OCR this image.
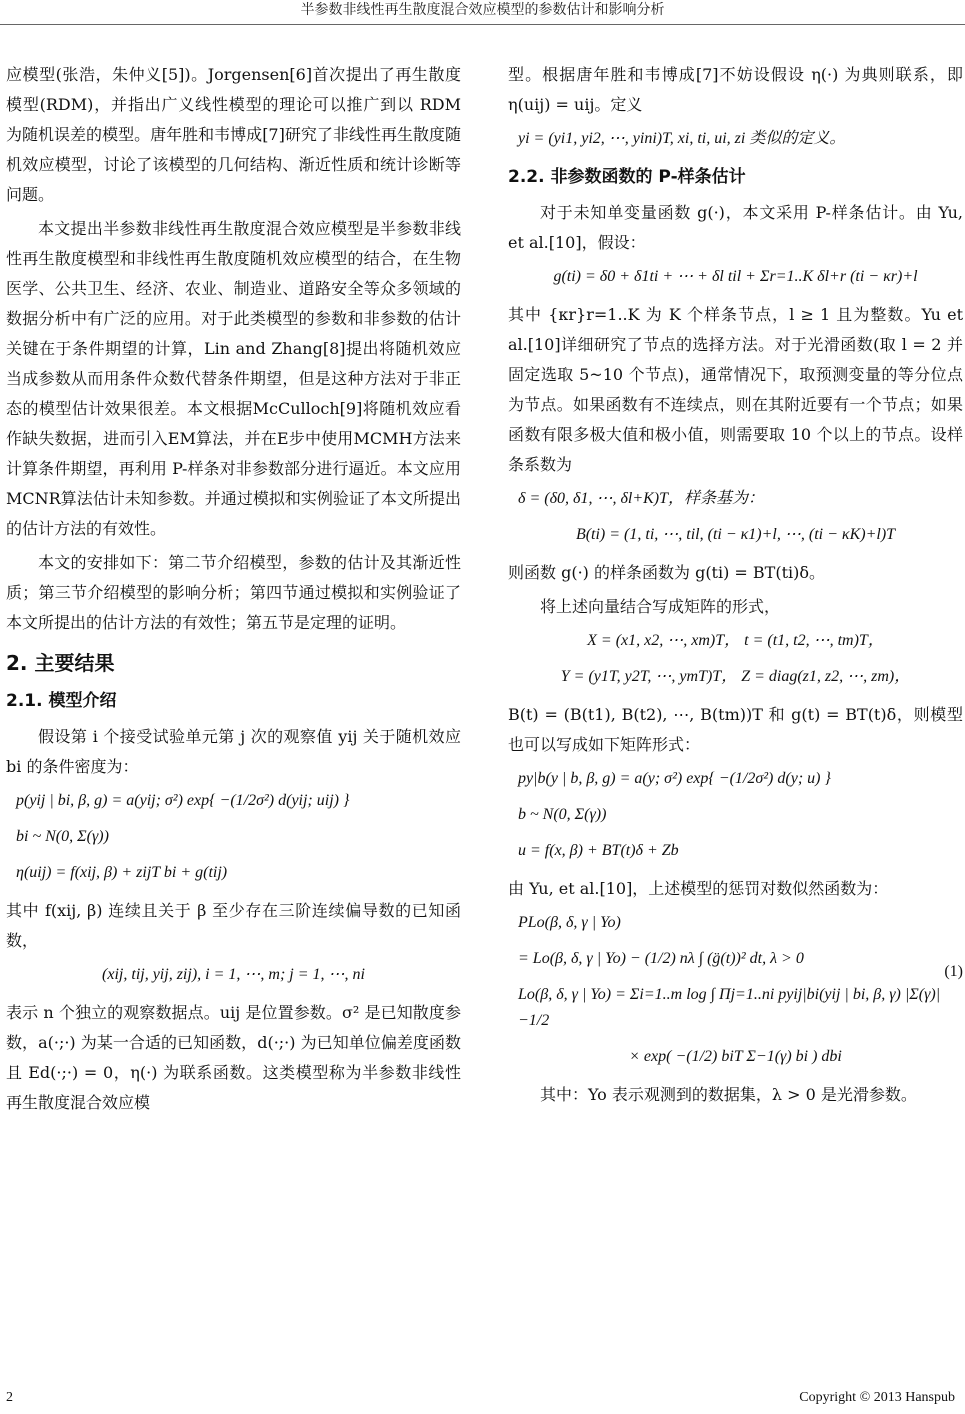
半参数非线性再生散度混合效应模型的参数估计和影响分析

应模型(张浩，朱仲义[5])。Jorgensen[6]首次提出了再生散度模型(RDM)，并指出广义线性模型的理论可以推广到以 RDM 为随机误差的模型。唐年胜和韦博成[7]研究了非线性再生散度随机效应模型，讨论了该模型的几何结构、渐近性质和统计诊断等问题。

本文提出半参数非线性再生散度混合效应模型是半参数非线性再生散度模型和非线性再生散度随机效应模型的结合，在生物医学、公共卫生、经济、农业、制造业、道路安全等众多领域的数据分析中有广泛的应用。对于此类模型的参数和非参数的估计关键在于条件期望的计算，Lin and Zhang[8]提出将随机效应当成参数从而用条件众数代替条件期望，但是这种方法对于非正态的模型估计效果很差。本文根据McCulloch[9]将随机效应看作缺失数据，进而引入EM算法，并在E步中使用MCMH方法来计算条件期望，再利用 P-样条对非参数部分进行逼近。本文应用MCNR算法估计未知参数。并通过模拟和实例验证了本文所提出的估计方法的有效性。

本文的安排如下：第二节介绍模型，参数的估计及其渐近性质；第三节介绍模型的影响分析；第四节通过模拟和实例验证了本文所提出的估计方法的有效性；第五节是定理的证明。

2. 主要结果
2.1. 模型介绍

假设第 i 个接受试验单元第 j 次的观察值 yij 关于随机效应 bi 的条件密度为：

p(yij | bi, β, g) = a(yij; σ²) exp{ −(1/2σ²) d(yij; uij) }
bi ~ N(0, Σ(γ))
η(uij) = f(xij, β) + zijT bi + g(tij)

其中 f(xij, β) 连续且关于 β 至少存在三阶连续偏导数的已知函数，

(xij, tij, yij, zij), i = 1, ⋯, m; j = 1, ⋯, ni

表示 n 个独立的观察数据点。uij 是位置参数。σ² 是已知散度参数，a(·;·) 为某一合适的已知函数，d(·;·) 为已知单位偏差度函数且 Ed(·;·) = 0，η(·) 为联系函数。这类模型称为半参数非线性再生散度混合效应模

型。根据唐年胜和韦博成[7]不妨设假设 η(·) 为典则联系，即 η(uij) = uij。定义

yi = (yi1, yi2, ⋯, yini)T, xi, ti, ui, zi 类似的定义。
2.2. 非参数函数的 P-样条估计

对于未知单变量函数 g(·)，本文采用 P-样条估计。由 Yu, et al.[10]，假设：

g(ti) = δ0 + δ1ti + ⋯ + δl til + Σr=1..K δl+r (ti − κr)+l

其中 {κr}r=1..K 为 K 个样条节点，l ≥ 1 且为整数。Yu et al.[10]详细研究了节点的选择方法。对于光滑函数(取 l = 2 并固定选取 5~10 个节点)，通常情况下，取预测变量的等分位点为节点。如果函数有不连续点，则在其附近要有一个节点；如果函数有限多极大值和极小值，则需要取 10 个以上的节点。设样条系数为

δ = (δ0, δ1, ⋯, δl+K)T，样条基为：
B(ti) = (1, ti, ⋯, til, (ti − κ1)+l, ⋯, (ti − κK)+l)T

则函数 g(·) 的样条函数为 g(ti) = BT(ti)δ。

将上述向量结合写成矩阵的形式，

X = (x1, x2, ⋯, xm)T， t = (t1, t2, ⋯, tm)T，
Y = (y1T, y2T, ⋯, ymT)T， Z = diag(z1, z2, ⋯, zm)，

B(t) = (B(t1), B(t2), ⋯, B(tm))T 和 g(t) = BT(t)δ，则模型也可以写成如下矩阵形式：

py|b(y | b, β, g) = a(y; σ²) exp{ −(1/2σ²) d(y; u) }
b ~ N(0, Σ(γ))
u = f(x, β) + BT(t)δ + Zb

由 Yu, et al.[10]，上述模型的惩罚对数似然函数为：

PLo(β, δ, γ | Yo)
= Lo(β, δ, γ | Yo) − (1/2) nλ ∫ (g̈(t))² dt, λ > 0
(1)
Lo(β, δ, γ | Yo) = Σi=1..m log ∫ Πj=1..ni pyij|bi(yij | bi, β, γ) |Σ(γ)|−1/2
× exp( −(1/2) biT Σ−1(γ) bi ) dbi

其中：Yo 表示观测到的数据集，λ > 0 是光滑参数。

2	Copyright © 2013 Hanspub
